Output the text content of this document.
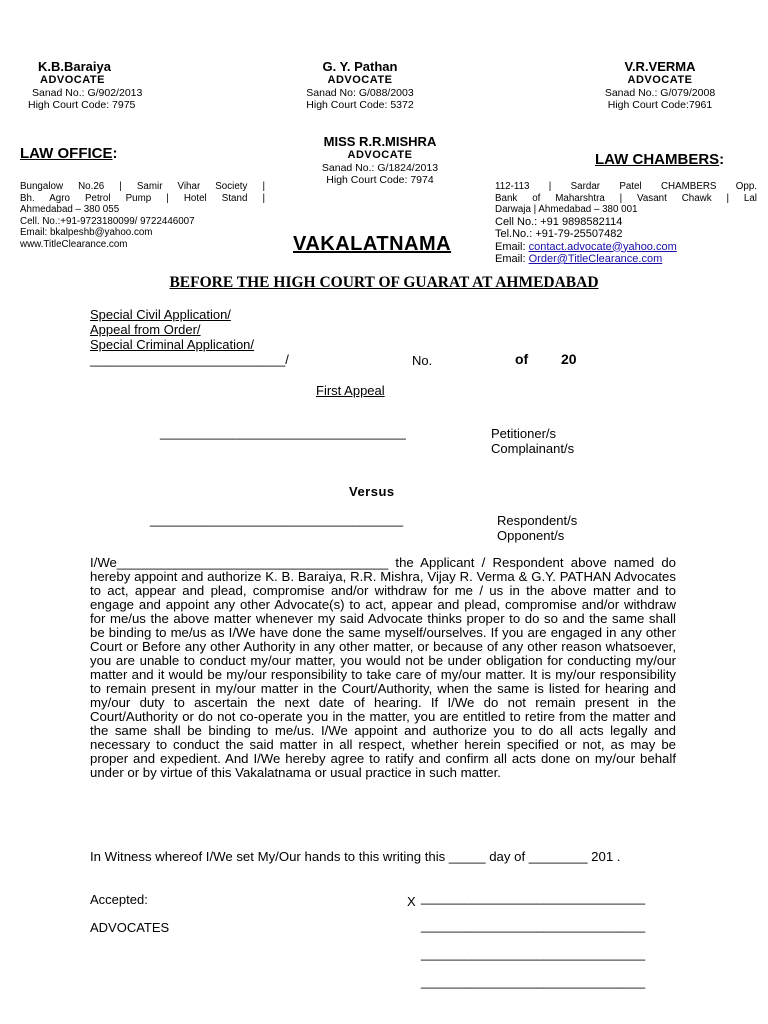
K.B.Baraiya
ADVOCATE
Sanad No.: G/902/2013
High Court Code: 7975
G. Y. Pathan
ADVOCATE
Sanad No: G/088/2003
High Court Code: 5372
V.R.VERMA
ADVOCATE
Sanad No.: G/079/2008
High Court Code:7961
MISS R.R.MISHRA
ADVOCATE
Sanad No.: G/1824/2013
High Court Code: 7974
LAW OFFICE:
Bungalow No.26 | Samir Vihar Society |
Bh. Agro Petrol Pump | Hotel Stand |
Ahmedabad – 380 055
Cell. No.:+91-9723180099/ 9722446007
Email: bkalpeshb@yahoo.com
www.TitleClearance.com
LAW CHAMBERS:
112-113 | Sardar Patel CHAMBERS Opp.
Bank of Maharshtra | Vasant Chawk | Lal
Darwaja | Ahmedabad – 380 001
Cell No.: +91 9898582114
Tel.No.: +91-79-25507482
Email: contact.advocate@yahoo.com
Email: Order@TitleClearance.com
VAKALATNAMA
BEFORE THE HIGH COURT OF GUARAT AT AHMEDABAD
Special Civil Application/
Appeal from Order/
Special Criminal Application/
___________________________/	No.	of 20
First Appeal
__________________________________	Petitioner/s
Complainant/s
Versus
___________________________________	Respondent/s
Opponent/s
I/We_____________________________________ the Applicant / Respondent above named do hereby appoint and authorize K. B. Baraiya, R.R. Mishra, Vijay R. Verma & G.Y. PATHAN Advocates to act, appear and plead, compromise and/or withdraw for me / us in the above matter and to engage and appoint any other Advocate(s) to act, appear and plead, compromise and/or withdraw for me/us the above matter whenever my said Advocate thinks proper to do so and the same shall be binding to me/us as I/We have done the same myself/ourselves. If you are engaged in any other Court or Before any other Authority in any other matter, or because of any other reason whatsoever, you are unable to conduct my/our matter, you would not be under obligation for conducting my/our matter and it would be my/our responsibility to take care of my/our matter. It is my/our responsibility to remain present in my/our matter in the Court/Authority, when the same is listed for hearing and my/our duty to ascertain the next date of hearing. If I/We do not remain present in the Court/Authority or do not co-operate you in the matter, you are entitled to retire from the matter and the same shall be binding to me/us. I/We appoint and authorize you to do all acts legally and necessary to conduct the said matter in all respect, whether herein specified or not, as may be proper and expedient. And I/We hereby agree to ratify and confirm all acts done on my/our behalf under or by virtue of this Vakalatnama or usual practice in such matter.
In Witness whereof I/We set My/Our hands to this writing this _____ day of ________ 201 .
Accepted:	X _______________________________
ADVOCATES	_______________________________
_______________________________
_______________________________
